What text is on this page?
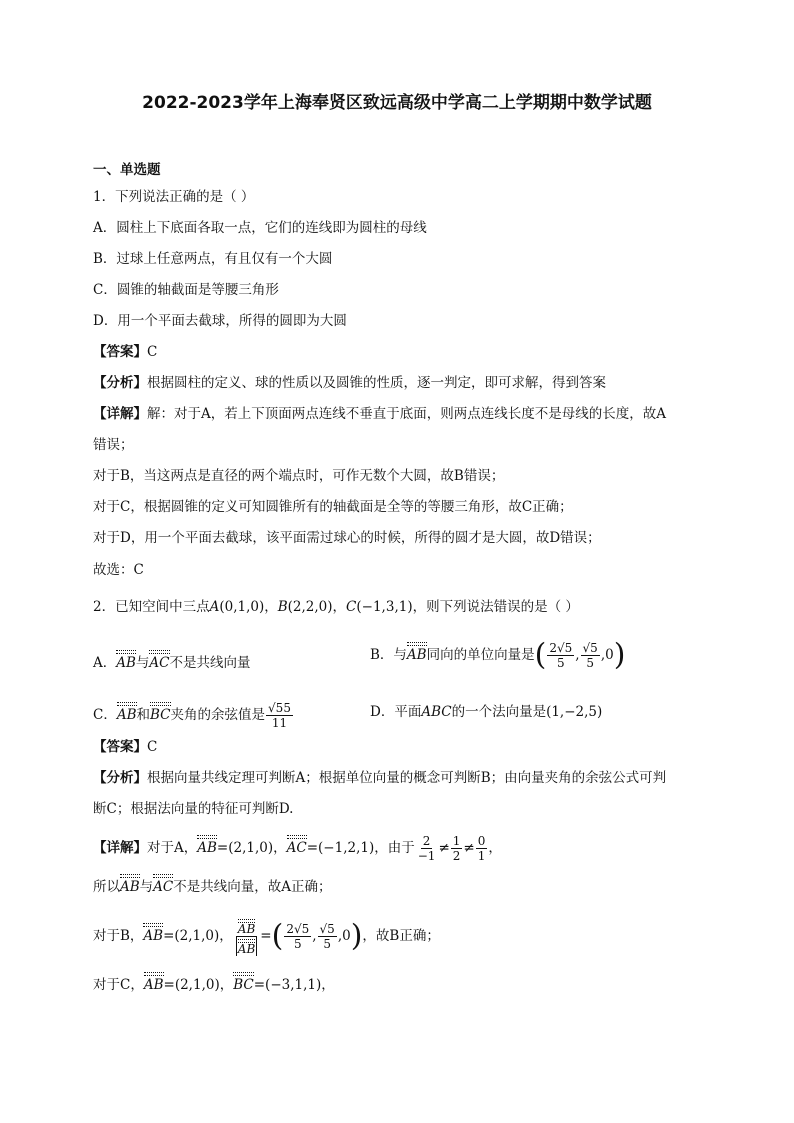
2022-2023学年上海奉贤区致远高级中学高二上学期期中数学试题
一、单选题
1．下列说法正确的是（ ）
A．圆柱上下底面各取一点，它们的连线即为圆柱的母线
B．过球上任意两点，有且仅有一个大圆
C．圆锥的轴截面是等腰三角形
D．用一个平面去截球，所得的圆即为大圆
【答案】C
【分析】根据圆柱的定义、球的性质以及圆锥的性质，逐一判定，即可求解，得到答案
【详解】解：对于A，若上下顶面两点连线不垂直于底面，则两点连线长度不是母线的长度，故A
错误；
对于B，当这两点是直径的两个端点时，可作无数个大圆，故B错误；
对于C，根据圆锥的定义可知圆锥所有的轴截面是全等的等腰三角形，故C正确；
对于D，用一个平面去截球，该平面需过球心的时候，所得的圆才是大圆，故D错误；
故选：C
2．已知空间中三点A(0,1,0)，B(2,2,0)，C(−1,3,1)，则下列说法错误的是（ ）
A．AB与AC不是共线向量	B．与AB同向的单位向量是( $\frac{2√5}{5}$ , $\frac{√5}{5} ,0$)
C．AB和BC夹角的余弦值是 $\frac{√55}{11}$	D．平面ABC的一个法向量是(1,−2,5)
【答案】C
【分析】根据向量共线定理可判断A；根据单位向量的概念可判断B；由向量夹角的余弦公式可判
断C；根据法向量的特征可判断D.
【详解】对于A，AB=(2,1,0)，AC=(−1,2,1)，由于 $\frac{2}{-1} \ne \frac{1}{2} \ne \frac{0}{1}$ ，
所以AB与AC不是共线向量，故A正确；
对于B，AB=(2,1,0)， $\frac{AB}{AB}$ =( $\frac{2√5}{5}$ , $\frac{√5}{5} ,0$)，故B正确；
对于C，AB=(2,1,0)，BC=(−3,1,1)，
